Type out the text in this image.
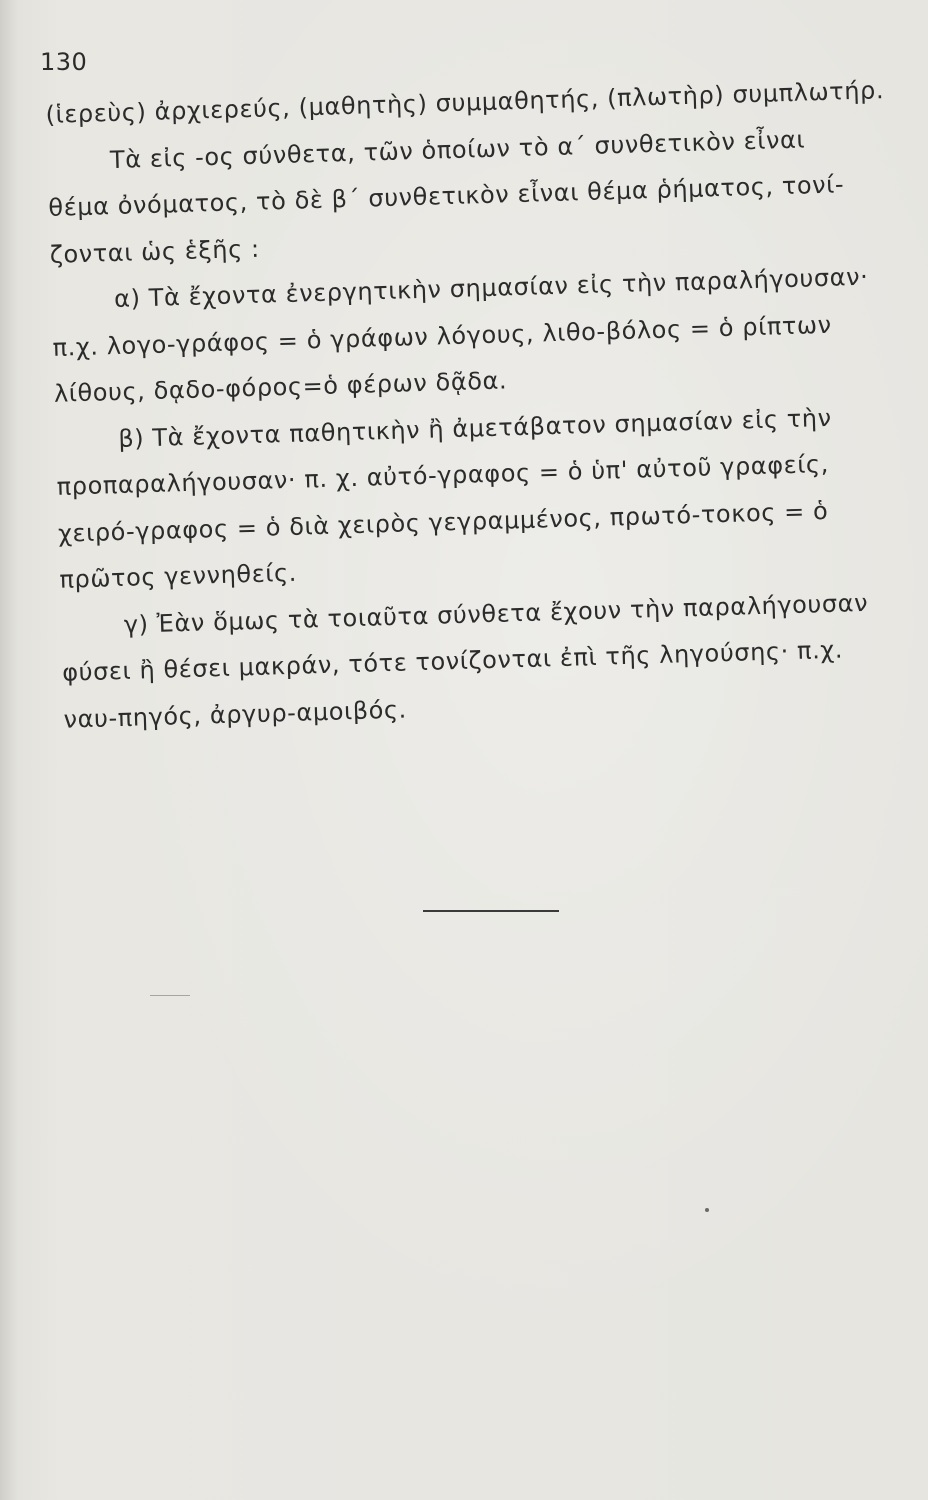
130
(ἱερεὺς) ἀρχιερεύς, (μαθητὴς) συμμαθητής, (πλωτὴρ) συμπλωτήρ.
Τὰ εἰς -ος σύνθετα, τῶν ὁποίων τὸ α΄ συνθετικὸν εἶναι
θέμα ὀνόματος, τὸ δὲ β΄ συνθετικὸν εἶναι θέμα ῥήματος, τονί-
ζονται ὡς ἑξῆς :
α) Τὰ ἔχοντα ἐνεργητικὴν σημασίαν εἰς τὴν παραλήγουσαν·
π.χ. λογο-γράφος = ὁ γράφων λόγους, λιθο-βόλος = ὁ ρίπτων
λίθους, δᾳδο-φόρος=ὁ φέρων δᾷδα.
β) Τὰ ἔχοντα παθητικὴν ἢ ἀμετάβατον σημασίαν εἰς τὴν
προπαραλήγουσαν· π. χ. αὐτό-γραφος = ὁ ὑπ' αὐτοῦ γραφείς,
χειρό-γραφος = ὁ διὰ χειρὸς γεγραμμένος, πρωτό-τοκος = ὁ
πρῶτος γεννηθείς.
γ) Ἐὰν ὅμως τὰ τοιαῦτα σύνθετα ἔχουν τὴν παραλήγουσαν
φύσει ἢ θέσει μακράν, τότε τονίζονται ἐπὶ τῆς ληγούσης· π.χ.
ναυ-πηγός, ἀργυρ-αμοιβός.
